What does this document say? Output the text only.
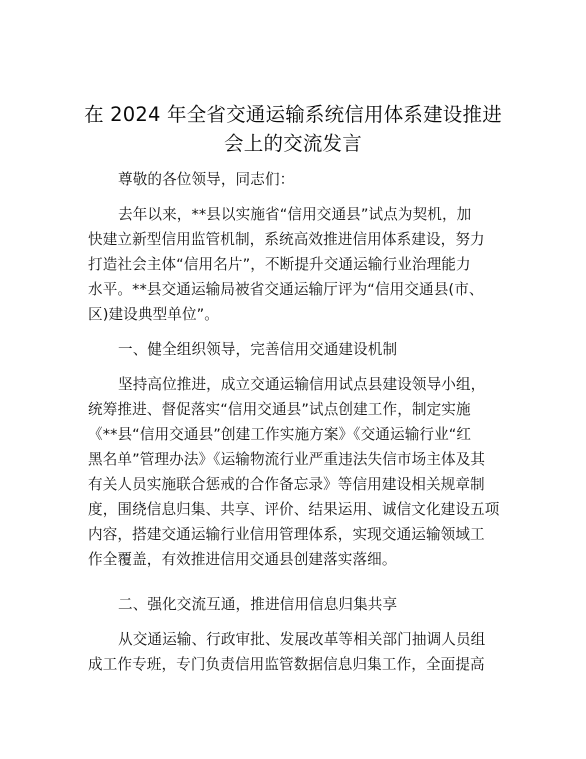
在 2024 年全省交通运输系统信用体系建设推进
会上的交流发言
尊敬的各位领导，同志们：
去年以来，**县以实施省“信用交通县”试点为契机，加
快建立新型信用监管机制，系统高效推进信用体系建设，努力
打造社会主体“信用名片”，不断提升交通运输行业治理能力
水平。**县交通运输局被省交通运输厅评为“信用交通县(市、
区)建设典型单位”。
一、健全组织领导，完善信用交通建设机制
坚持高位推进，成立交通运输信用试点县建设领导小组，
统筹推进、督促落实“信用交通县”试点创建工作，制定实施
《**县“信用交通县”创建工作实施方案》《交通运输行业“红
黑名单”管理办法》《运输物流行业严重违法失信市场主体及其
有关人员实施联合惩戒的合作备忘录》等信用建设相关规章制
度，围绕信息归集、共享、评价、结果运用、诚信文化建设五项
内容，搭建交通运输行业信用管理体系，实现交通运输领域工
作全覆盖，有效推进信用交通县创建落实落细。
二、强化交流互通，推进信用信息归集共享
从交通运输、行政审批、发展改革等相关部门抽调人员组
成工作专班，专门负责信用监管数据信息归集工作，全面提高
